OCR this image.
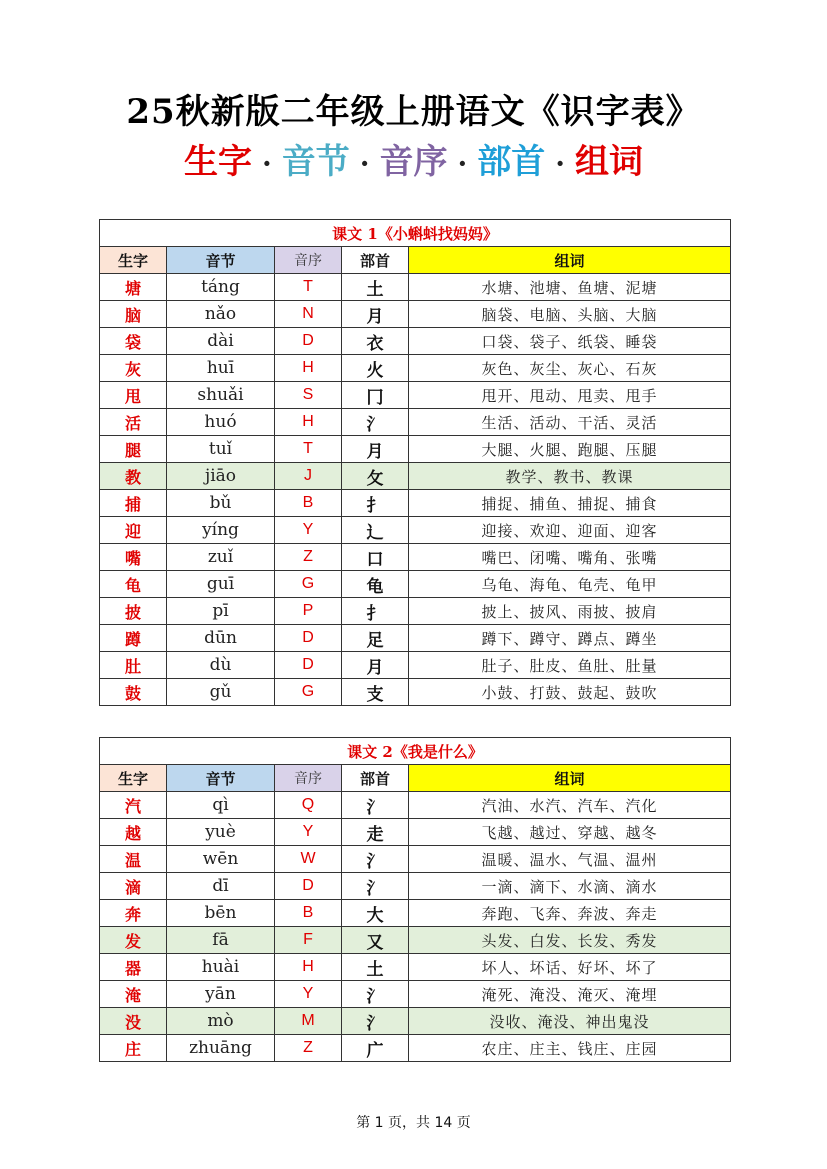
25秋新版二年级上册语文《识字表》
生字 · 音节 · 音序 · 部首 · 组词
课文 1《小蝌蚪找妈妈》				
生字	音节	音序	部首	组词
塘	táng	T	土	水塘、池塘、鱼塘、泥塘
脑	nǎo	N	月	脑袋、电脑、头脑、大脑
袋	dài	D	衣	口袋、袋子、纸袋、睡袋
灰	huī	H	火	灰色、灰尘、灰心、石灰
甩	shuǎi	S	冂	甩开、甩动、甩卖、甩手
活	huó	H	氵	生活、活动、干活、灵活
腿	tuǐ	T	月	大腿、火腿、跑腿、压腿
教	jiāo	J	攵	教学、教书、教课
捕	bǔ	B	扌	捕捉、捕鱼、捕捉、捕食
迎	yíng	Y	辶	迎接、欢迎、迎面、迎客
嘴	zuǐ	Z	口	嘴巴、闭嘴、嘴角、张嘴
龟	guī	G	龟	乌龟、海龟、龟壳、龟甲
披	pī	P	扌	披上、披风、雨披、披肩
蹲	dūn	D	足	蹲下、蹲守、蹲点、蹲坐
肚	dù	D	月	肚子、肚皮、鱼肚、肚量
鼓	gǔ	G	支	小鼓、打鼓、鼓起、鼓吹
课文 2《我是什么》				
生字	音节	音序	部首	组词
汽	qì	Q	氵	汽油、水汽、汽车、汽化
越	yuè	Y	走	飞越、越过、穿越、越冬
温	wēn	W	氵	温暖、温水、气温、温州
滴	dī	D	氵	一滴、滴下、水滴、滴水
奔	bēn	B	大	奔跑、飞奔、奔波、奔走
发	fā	F	又	头发、白发、长发、秀发
器	huài	H	土	坏人、坏话、好坏、坏了
淹	yān	Y	氵	淹死、淹没、淹灭、淹埋
没	mò	M	氵	没收、淹没、神出鬼没
庄	zhuāng	Z	广	农庄、庄主、钱庄、庄园
第 1 页，共 14 页
